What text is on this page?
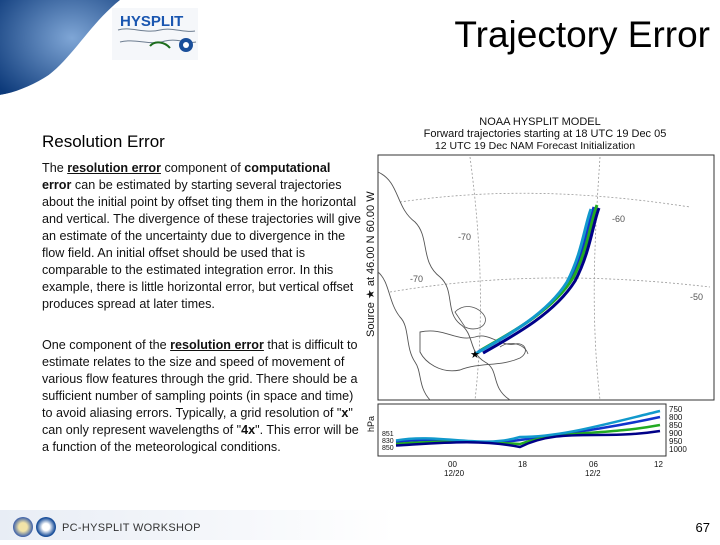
HYSPLIT	Trajectory Error
Resolution Error
The resolution error component of computational error can be estimated by starting several trajectories about the initial point by offset ting them in the horizontal and vertical. The divergence of these trajectories will give an estimate of the uncertainty due to divergence in the flow field. An initial offset should be used that is comparable to the estimated integration error. In this example, there is little horizontal error, but vertical offset produces spread at later times.
One component of the resolution error that is difficult to estimate relates to the size and speed of movement of various flow features through the grid. There should be a sufficient number of sampling points (in space and time) to avoid aliasing errors. Typically, a grid resolution of "x" can only represent wavelengths of "4x". This error will be a function of the meteorological conditions.
NOAA HYSPLIT MODEL
Forward trajectories starting at 18 UTC 19 Dec 05
12 UTC 19 Dec NAM Forecast Initialization
Source ★ at 46.00 N 60.00 W	-60
-70
-50
-70
★
hPa
750
800
850
900
950
1000
851
830
850
00
12/20
18	06
12/2
12
PC-HYSPLIT WORKSHOP	67
